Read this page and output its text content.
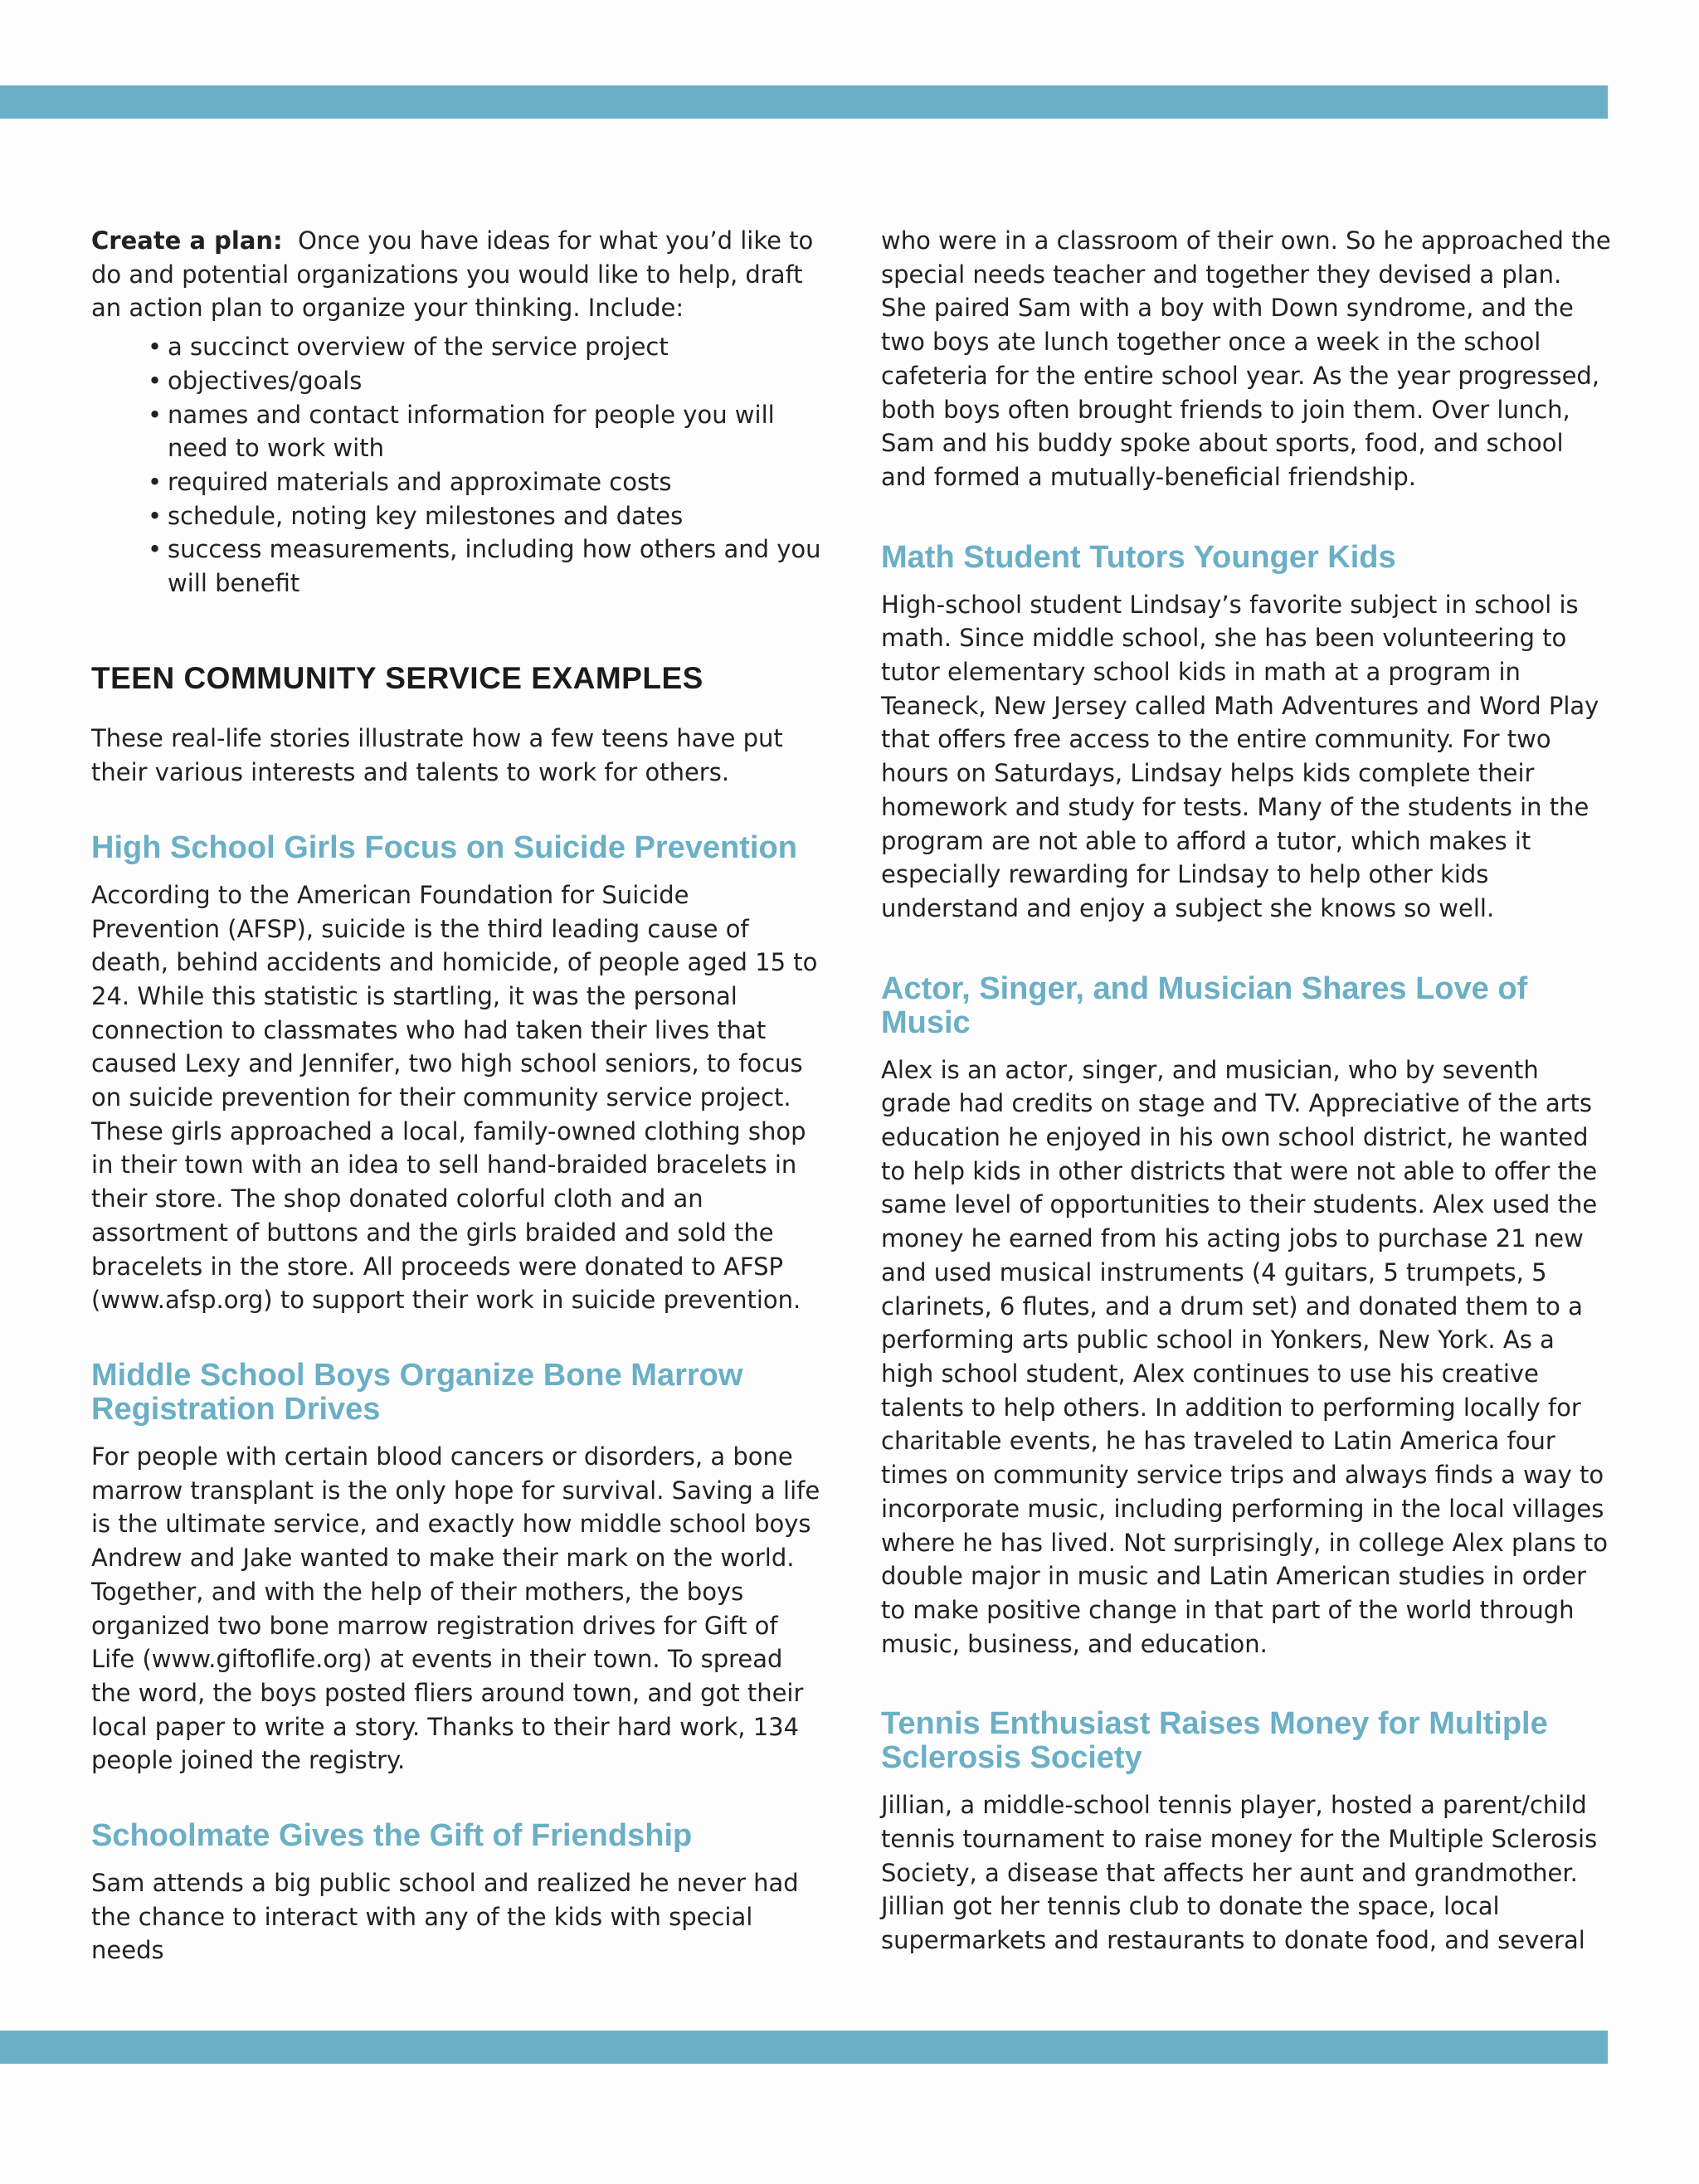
Create a plan: Once you have ideas for what you’d like to do and potential organizations you would like to help, draft an action plan to organize your thinking. Include:

• a succinct overview of the service project
• objectives/goals
• names and contact information for people you will need to work with
• required materials and approximate costs
• schedule, noting key milestones and dates
• success measurements, including how others and you will benefit
TEEN COMMUNITY SERVICE EXAMPLES

These real-life stories illustrate how a few teens have put their various interests and talents to work for others.

High School Girls Focus on Suicide Prevention

According to the American Foundation for Suicide Prevention (AFSP), suicide is the third leading cause of death, behind accidents and homicide, of people aged 15 to 24. While this statistic is startling, it was the personal connection to classmates who had taken their lives that caused Lexy and Jennifer, two high school seniors, to focus on suicide prevention for their community service project. These girls approached a local, family-owned clothing shop in their town with an idea to sell hand-braided bracelets in their store. The shop donated colorful cloth and an assortment of buttons and the girls braided and sold the bracelets in the store. All proceeds were donated to AFSP (www.afsp.org) to support their work in suicide prevention.

Middle School Boys Organize Bone Marrow Registration Drives

For people with certain blood cancers or disorders, a bone marrow transplant is the only hope for survival. Saving a life is the ultimate service, and exactly how middle school boys Andrew and Jake wanted to make their mark on the world. Together, and with the help of their mothers, the boys organized two bone marrow registration drives for Gift of Life (www.giftoflife.org) at events in their town. To spread the word, the boys posted fliers around town, and got their local paper to write a story. Thanks to their hard work, 134 people joined the registry.

Schoolmate Gives the Gift of Friendship

Sam attends a big public school and realized he never had the chance to interact with any of the kids with special needs

who were in a classroom of their own. So he approached the special needs teacher and together they devised a plan. She paired Sam with a boy with Down syndrome, and the two boys ate lunch together once a week in the school cafeteria for the entire school year. As the year progressed, both boys often brought friends to join them. Over lunch, Sam and his buddy spoke about sports, food, and school and formed a mutually-beneficial friendship.

Math Student Tutors Younger Kids

High-school student Lindsay’s favorite subject in school is math. Since middle school, she has been volunteering to tutor elementary school kids in math at a program in Teaneck, New Jersey called Math Adventures and Word Play that offers free access to the entire community. For two hours on Saturdays, Lindsay helps kids complete their homework and study for tests. Many of the students in the program are not able to afford a tutor, which makes it especially rewarding for Lindsay to help other kids understand and enjoy a subject she knows so well.

Actor, Singer, and Musician Shares Love of Music

Alex is an actor, singer, and musician, who by seventh grade had credits on stage and TV. Appreciative of the arts education he enjoyed in his own school district, he wanted to help kids in other districts that were not able to offer the same level of opportunities to their students. Alex used the money he earned from his acting jobs to purchase 21 new and used musical instruments (4 guitars, 5 trumpets, 5 clarinets, 6 flutes, and a drum set) and donated them to a performing arts public school in Yonkers, New York. As a high school student, Alex continues to use his creative talents to help others. In addition to performing locally for charitable events, he has traveled to Latin America four times on community service trips and always finds a way to incorporate music, including performing in the local villages where he has lived. Not surprisingly, in college Alex plans to double major in music and Latin American studies in order to make positive change in that part of the world through music, business, and education.

Tennis Enthusiast Raises Money for Multiple Sclerosis Society

Jillian, a middle-school tennis player, hosted a parent/child tennis tournament to raise money for the Multiple Sclerosis Society, a disease that affects her aunt and grandmother. Jillian got her tennis club to donate the space, local supermarkets and restaurants to donate food, and several
